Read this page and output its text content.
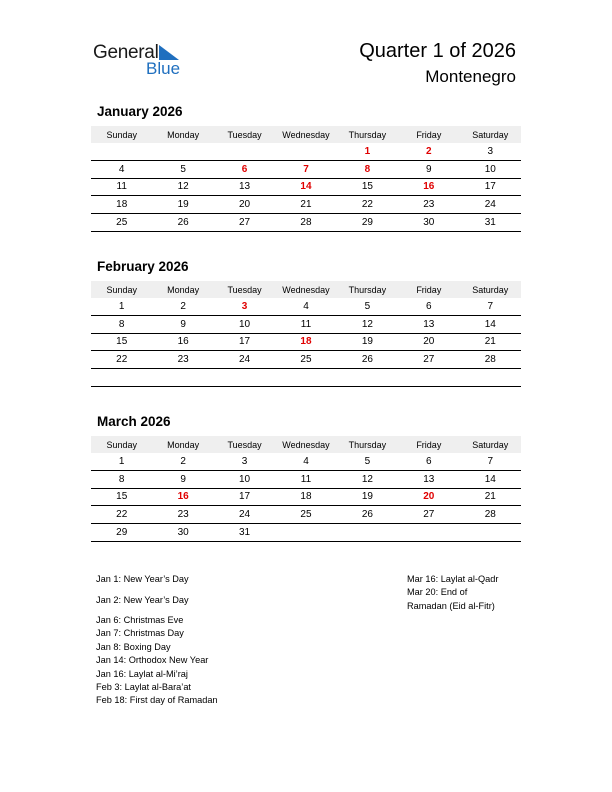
General
Blue
Quarter 1 of 2026
Montenegro
January 2026
Sunday	Monday	Tuesday	Wednesday	Thursday	Friday	Saturday
				1	2	3
4	5	6	7	8	9	10
11	12	13	14	15	16	17
18	19	20	21	22	23	24
25	26	27	28	29	30	31
February 2026
Sunday	Monday	Tuesday	Wednesday	Thursday	Friday	Saturday
1	2	3	4	5	6	7
8	9	10	11	12	13	14
15	16	17	18	19	20	21
22	23	24	25	26	27	28

March 2026
Sunday	Monday	Tuesday	Wednesday	Thursday	Friday	Saturday
1	2	3	4	5	6	7
8	9	10	11	12	13	14
15	16	17	18	19	20	21
22	23	24	25	26	27	28
29	30	31				
Jan 1: New Year’s Day
Jan 2: New Year’s Day
Jan 6: Christmas Eve
Jan 7: Christmas Day
Jan 8: Boxing Day
Jan 14: Orthodox New Year
Jan 16: Laylat al-Mi’raj
Feb 3: Laylat al-Bara’at
Feb 18: First day of Ramadan
Mar 16: Laylat al-Qadr
Mar 20: End of
Ramadan (Eid al-Fitr)
